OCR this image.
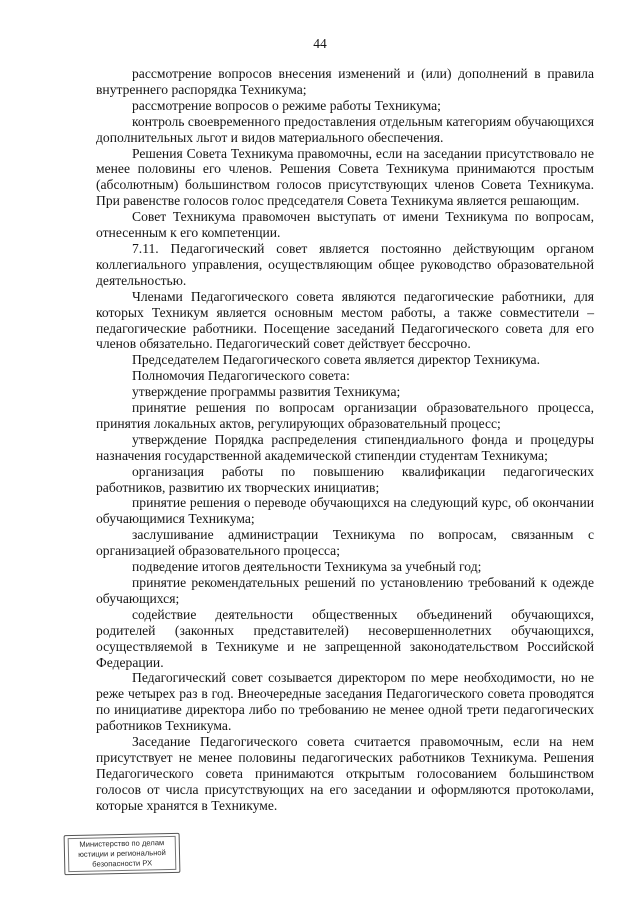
44

рассмотрение вопросов внесения изменений и (или) дополнений в правила внутреннего распорядка Техникума;

рассмотрение вопросов о режиме работы Техникума;

контроль своевременного предоставления отдельным категориям обучающихся дополнительных льгот и видов материального обеспечения.

Решения Совета Техникума правомочны, если на заседании присутствовало не менее половины его членов. Решения Совета Техникума принимаются простым (абсолютным) большинством голосов присутствующих членов Совета Техникума. При равенстве голосов голос председателя Совета Техникума является решающим.

Совет Техникума правомочен выступать от имени Техникума по вопросам, отнесенным к его компетенции.

7.11. Педагогический совет является постоянно действующим органом коллегиального управления, осуществляющим общее руководство образовательной деятельностью.

Членами Педагогического совета являются педагогические работники, для которых Техникум является основным местом работы, а также совместители – педагогические работники. Посещение заседаний Педагогического совета для его членов обязательно. Педагогический совет действует бессрочно.

Председателем Педагогического совета является директор Техникума.

Полномочия Педагогического совета:

утверждение программы развития Техникума;

принятие решения по вопросам организации образовательного процесса, принятия локальных актов, регулирующих образовательный процесс;

утверждение Порядка распределения стипендиального фонда и процедуры назначения государственной академической стипендии студентам Техникума;

организация работы по повышению квалификации педагогических работников, развитию их творческих инициатив;

принятие решения о переводе обучающихся на следующий курс, об окончании обучающимися Техникума;

заслушивание администрации Техникума по вопросам, связанным с организацией образовательного процесса;

подведение итогов деятельности Техникума за учебный год;

принятие рекомендательных решений по установлению требований к одежде обучающихся;

содействие деятельности общественных объединений обучающихся, родителей (законных представителей) несовершеннолетних обучающихся, осуществляемой в Техникуме и не запрещенной законодательством Российской Федерации.

Педагогический совет созывается директором по мере необходимости, но не реже четырех раз в год. Внеочередные заседания Педагогического совета проводятся по инициативе директора либо по требованию не менее одной трети педагогических работников Техникума.

Заседание Педагогического совета считается правомочным, если на нем присутствует не менее половины педагогических работников Техникума. Решения Педагогического совета принимаются открытым голосованием большинством голосов от числа присутствующих на его заседании и оформляются протоколами, которые хранятся в Техникуме.

Министерство по делам
юстиции и региональной
безопасности РХ
